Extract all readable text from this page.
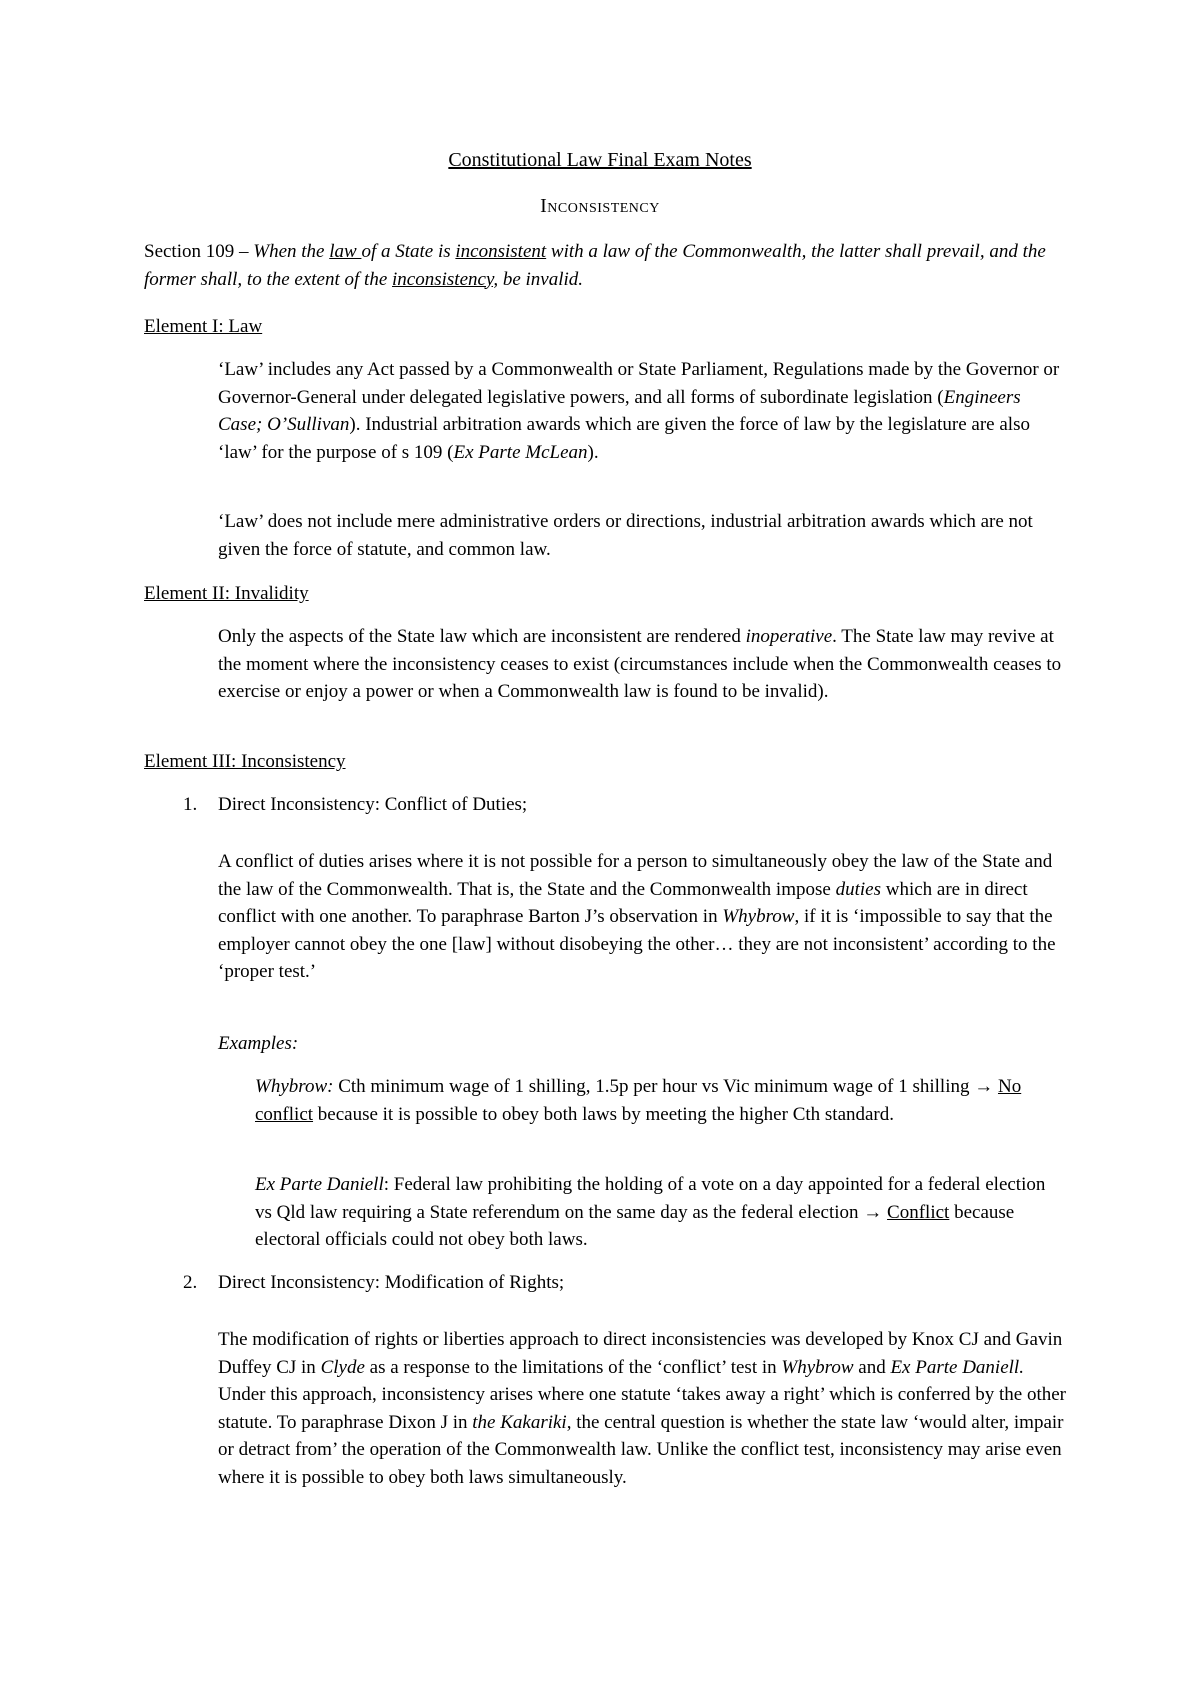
Constitutional Law Final Exam Notes
Inconsistency

Section 109 – When the law of a State is inconsistent with a law of the Commonwealth, the latter shall prevail, and the former shall, to the extent of the inconsistency, be invalid.

Element I: Law

‘Law’ includes any Act passed by a Commonwealth or State Parliament, Regulations made by the Governor or Governor-General under delegated legislative powers, and all forms of subordinate legislation (Engineers Case; O’Sullivan). Industrial arbitration awards which are given the force of law by the legislature are also ‘law’ for the purpose of s 109 (Ex Parte McLean).

‘Law’ does not include mere administrative orders or directions, industrial arbitration awards which are not given the force of statute, and common law.

Element II: Invalidity

Only the aspects of the State law which are inconsistent are rendered inoperative. The State law may revive at the moment where the inconsistency ceases to exist (circumstances include when the Commonwealth ceases to exercise or enjoy a power or when a Commonwealth law is found to be invalid).

Element III: Inconsistency
1. Direct Inconsistency: Conflict of Duties;

A conflict of duties arises where it is not possible for a person to simultaneously obey the law of the State and the law of the Commonwealth. That is, the State and the Commonwealth impose duties which are in direct conflict with one another. To paraphrase Barton J’s observation in Whybrow, if it is ‘impossible to say that the employer cannot obey the one [law] without disobeying the other… they are not inconsistent’ according to the ‘proper test.’

Examples:

Whybrow: Cth minimum wage of 1 shilling, 1.5p per hour vs Vic minimum wage of 1 shilling → No conflict because it is possible to obey both laws by meeting the higher Cth standard.

Ex Parte Daniell: Federal law prohibiting the holding of a vote on a day appointed for a federal election vs Qld law requiring a State referendum on the same day as the federal election → Conflict because electoral officials could not obey both laws.

2. Direct Inconsistency: Modification of Rights;

The modification of rights or liberties approach to direct inconsistencies was developed by Knox CJ and Gavin Duffey CJ in Clyde as a response to the limitations of the ‘conflict’ test in Whybrow and Ex Parte Daniell. Under this approach, inconsistency arises where one statute ‘takes away a right’ which is conferred by the other statute. To paraphrase Dixon J in the Kakariki, the central question is whether the state law ‘would alter, impair or detract from’ the operation of the Commonwealth law. Unlike the conflict test, inconsistency may arise even where it is possible to obey both laws simultaneously.
